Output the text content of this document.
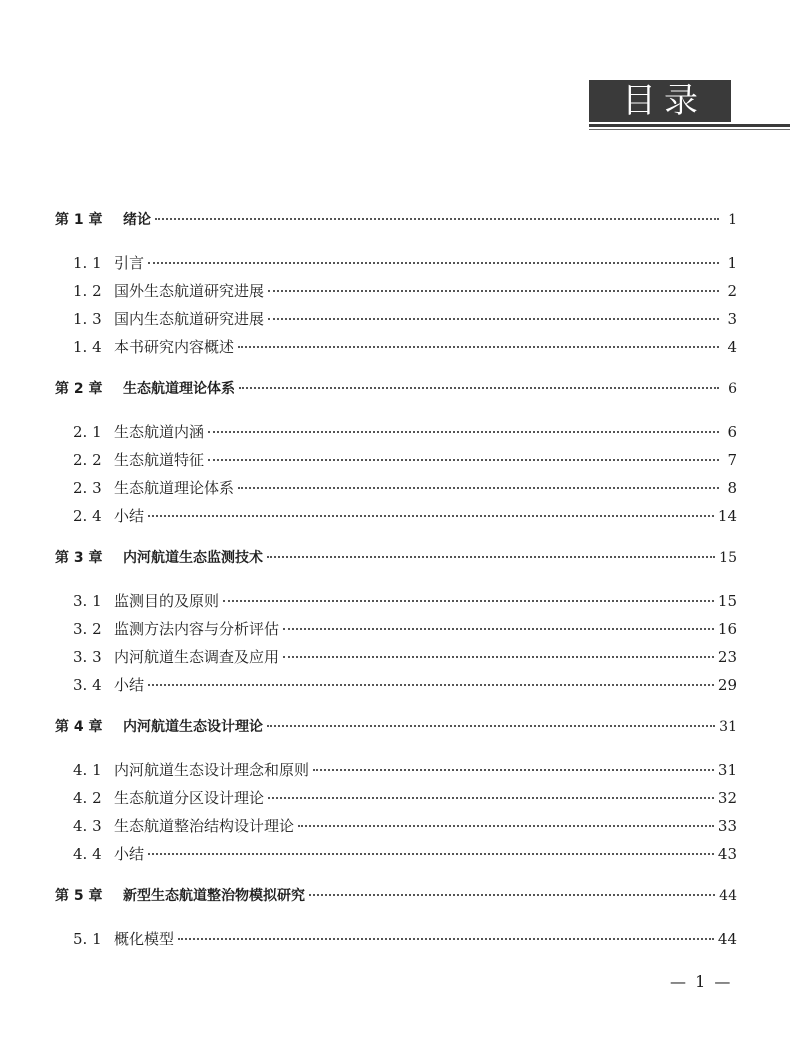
目录
第 1 章	绪论	1
1. 1 引言	1
1. 2 国外生态航道研究进展	2
1. 3 国内生态航道研究进展	3
1. 4 本书研究内容概述	4
第 2 章	生态航道理论体系	6
2. 1 生态航道内涵	6
2. 2 生态航道特征	7
2. 3 生态航道理论体系	8
2. 4 小结	14
第 3 章	内河航道生态监测技术	15
3. 1 监测目的及原则	15
3. 2 监测方法内容与分析评估	16
3. 3 内河航道生态调查及应用	23
3. 4 小结	29
第 4 章	内河航道生态设计理论	31
4. 1 内河航道生态设计理念和原则	31
4. 2 生态航道分区设计理论	32
4. 3 生态航道整治结构设计理论	33
4. 4 小结	43
第 5 章	新型生态航道整治物模拟研究	44
5. 1 概化模型	44
— 1 —
